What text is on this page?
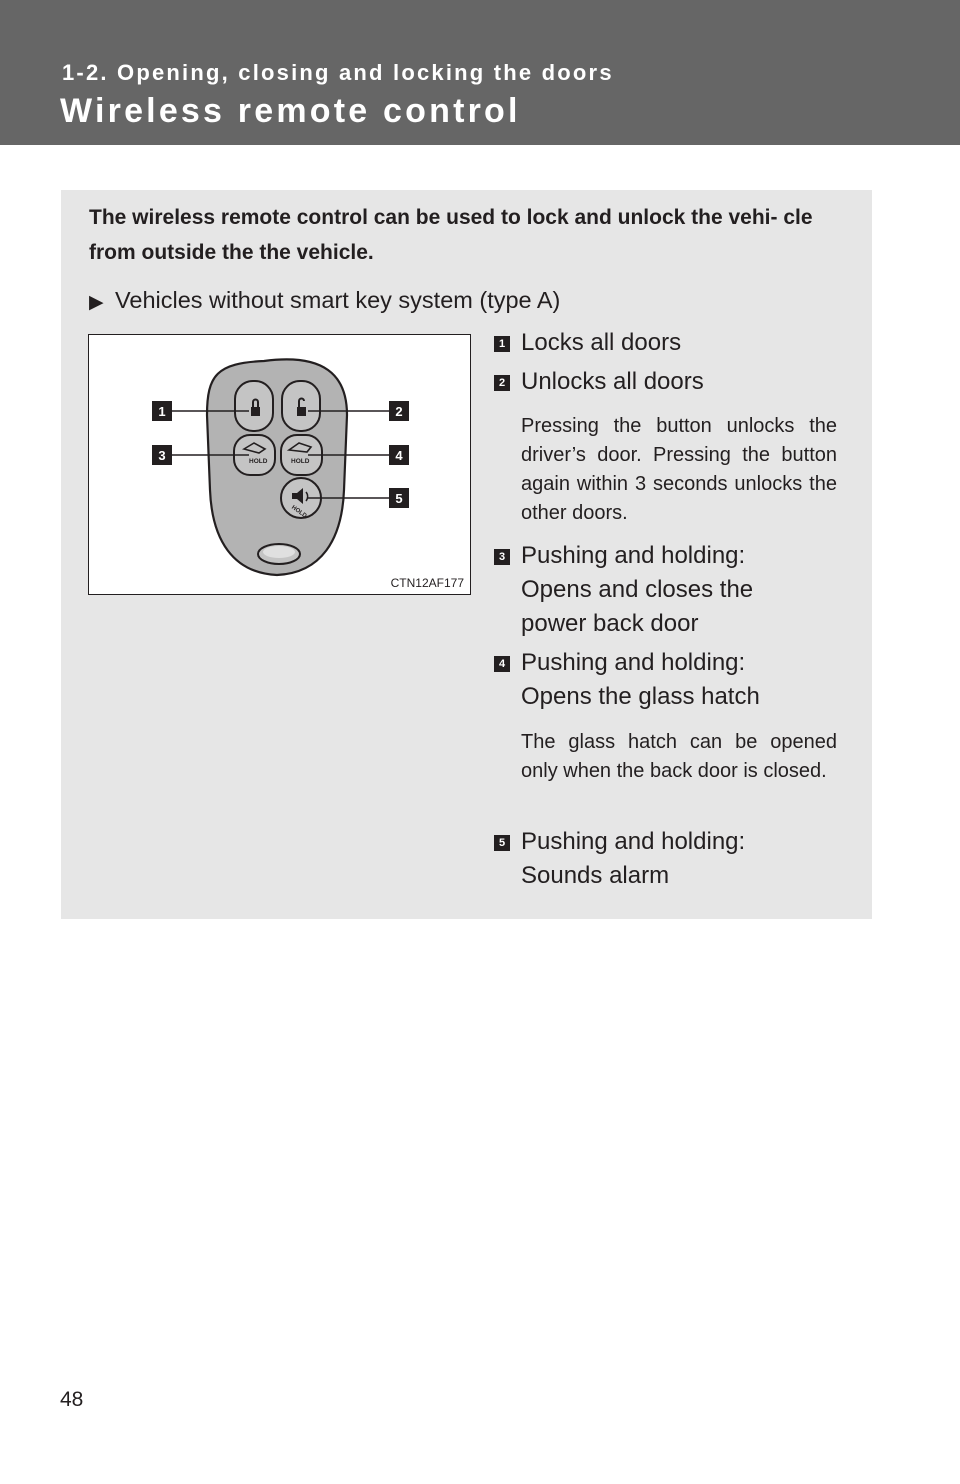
1-2. Opening, closing and locking the doors
Wireless remote control
The wireless remote control can be used to lock and unlock the vehi- cle from outside the the vehicle.
▶ Vehicles without smart key system (type A)
HOLD	HOLD
HOLD
1	2
3	4
5
CTN12AF177
1 Locks all doors
2 Unlocks all doors
Pressing the button unlocks the driver’s door. Pressing the button again within 3 seconds unlocks the other doors.
3 Pushing and holding:
Opens and closes the
power back door
4 Pushing and holding:
Opens the glass hatch
The glass hatch can be opened only when the back door is closed.
5 Pushing and holding:
Sounds alarm
48
